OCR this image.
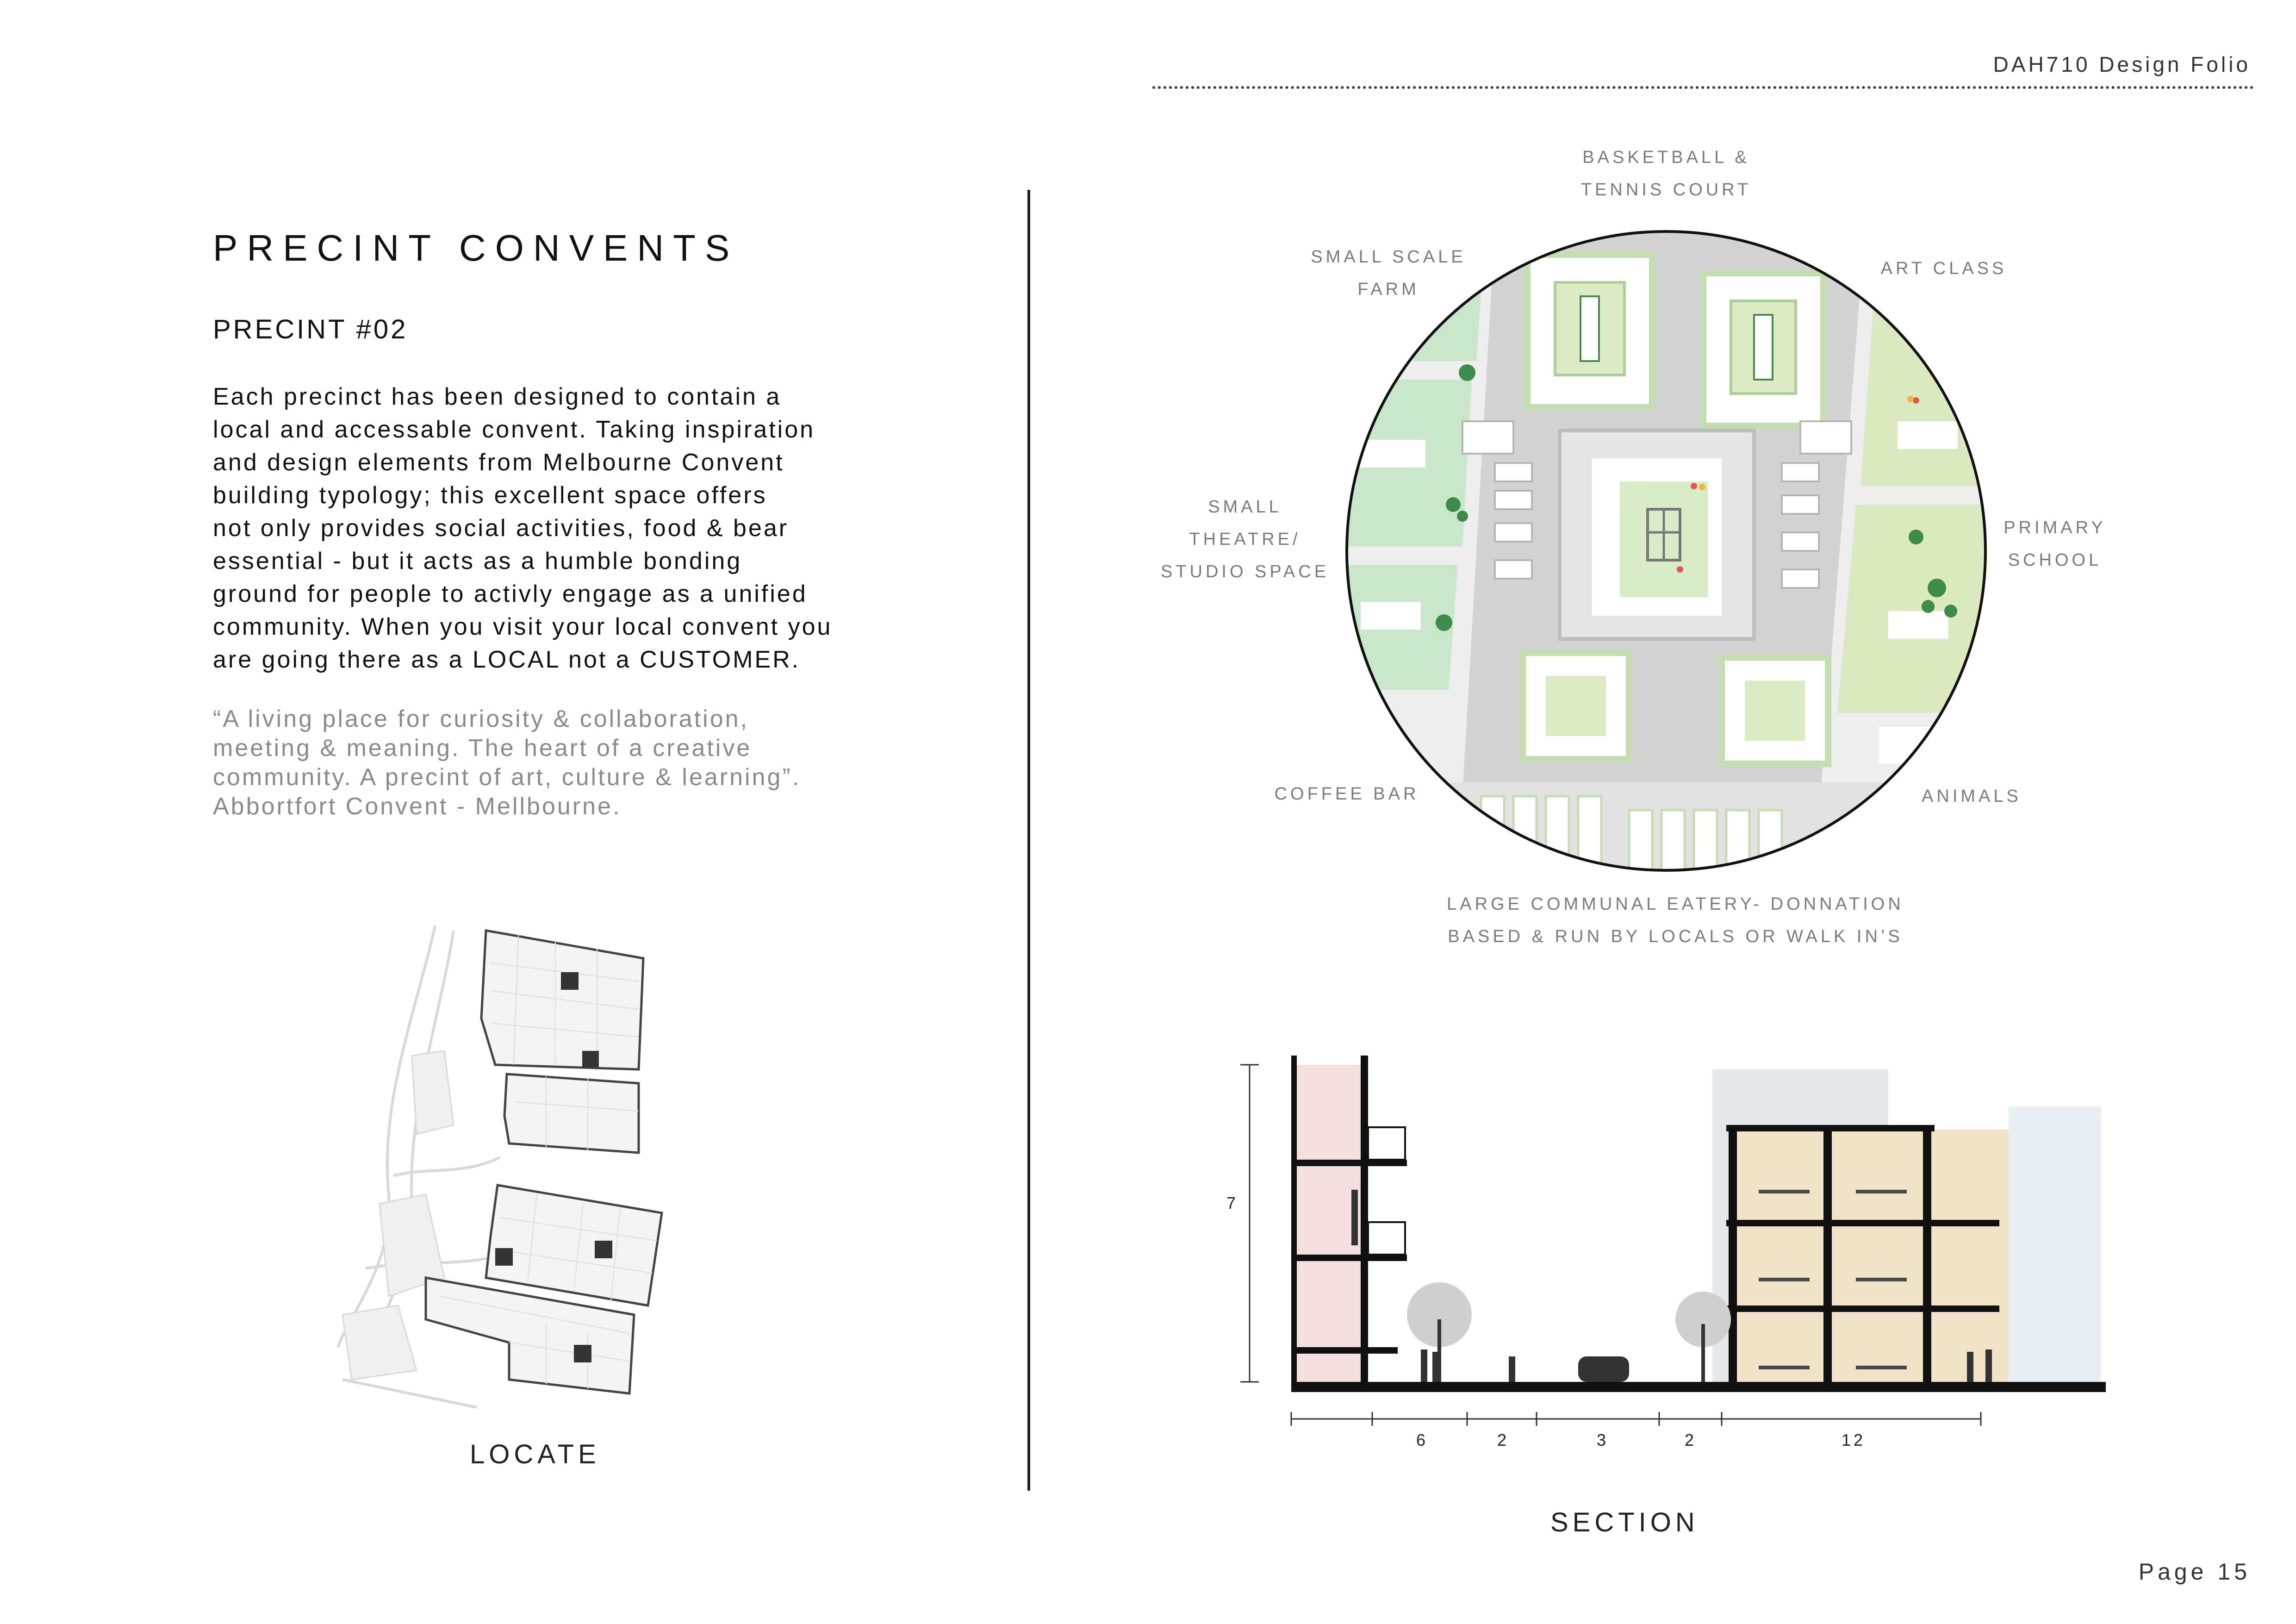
DAH710 Design Folio
PRECINT CONVENTS
PRECINT #02
Each precinct has been designed to contain a
local and accessable convent. Taking inspiration
and design elements from Melbourne Convent
building typology; this excellent space offers
not only provides social activities, food & bear
essential - but it acts as a humble bonding
ground for people to activly engage as a unified
community. When you visit your local convent you
are going there as a LOCAL not a CUSTOMER.
“A living place for curiosity & collaboration,
meeting & meaning. The heart of a creative
community. A precint of art, culture & learning”.
Abbortfort Convent - Mellbourne.
LOCATE
BASKETBALL &
TENNIS COURT
SMALL SCALE
FARM
ART CLASS
SMALL
THEATRE/
STUDIO SPACE
PRIMARY
SCHOOL
COFFEE BAR	ANIMALS
LARGE COMMUNAL EATERY- DONNATION
BASED & RUN BY LOCALS OR WALK IN’S
7
6	2	3	2	12
SECTION
Page 15
